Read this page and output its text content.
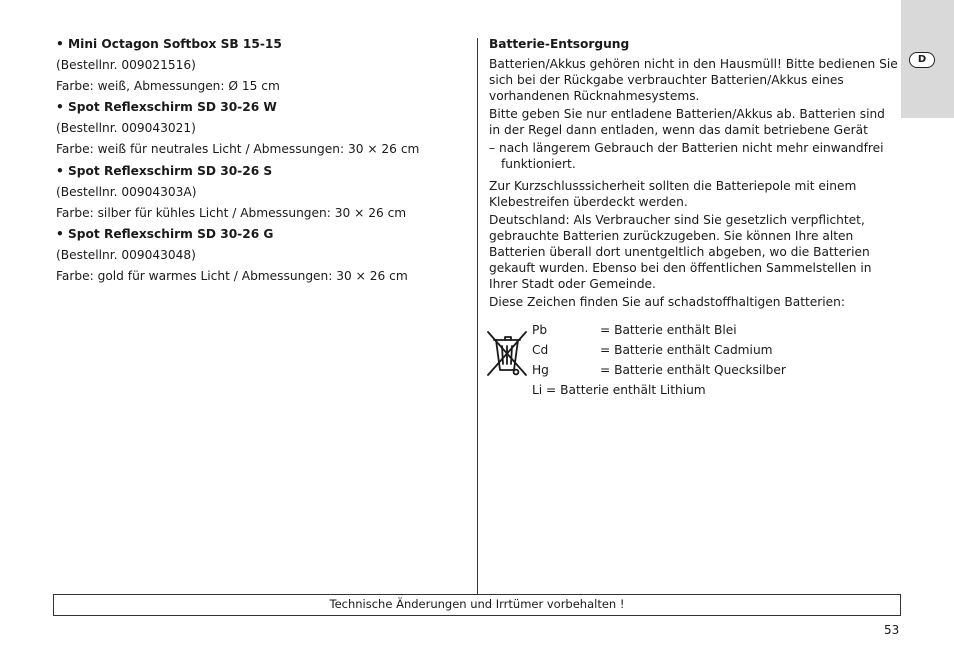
D
• Mini Octagon Softbox SB 15-15
(Bestellnr. 009021516)
Farbe: weiß, Abmessungen: Ø 15 cm
• Spot Reflexschirm SD 30-26 W
(Bestellnr. 009043021)
Farbe: weiß für neutrales Licht / Abmessungen: 30 × 26 cm
• Spot Reflexschirm SD 30-26 S
(Bestellnr. 00904303A)
Farbe: silber für kühles Licht / Abmessungen: 30 × 26 cm
• Spot Reflexschirm SD 30-26 G
(Bestellnr. 009043048)
Farbe: gold für warmes Licht / Abmessungen: 30 × 26 cm

Batterie-Entsorgung

Batterien/Akkus gehören nicht in den Hausmüll! Bitte bedienen Sie sich bei der Rückgabe verbrauchter Batterien/Akkus eines vorhandenen Rücknahmesystems.

Bitte geben Sie nur entladene Batterien/Akkus ab. Batterien sind in der Regel dann entladen, wenn das damit betriebene Gerät

– nach längerem Gebrauch der Batterien nicht mehr einwandfrei funktioniert.

Zur Kurzschlusssicherheit sollten die Batteriepole mit einem Klebestreifen überdeckt werden.

Deutschland: Als Verbraucher sind Sie gesetzlich verpflichtet, gebrauchte Batterien zurückzugeben. Sie können Ihre alten Batterien überall dort unentgeltlich abgeben, wo die Batterien gekauft wurden. Ebenso bei den öffentlichen Sammelstellen in Ihrer Stadt oder Gemeinde.

Diese Zeichen finden Sie auf schadstoffhaltigen Batterien:

Pb	= Batterie enthält Blei
Cd	= Batterie enthält Cadmium
Hg	= Batterie enthält Quecksilber
Li = Batterie enthält Lithium
Technische Änderungen und Irrtümer vorbehalten !
53
